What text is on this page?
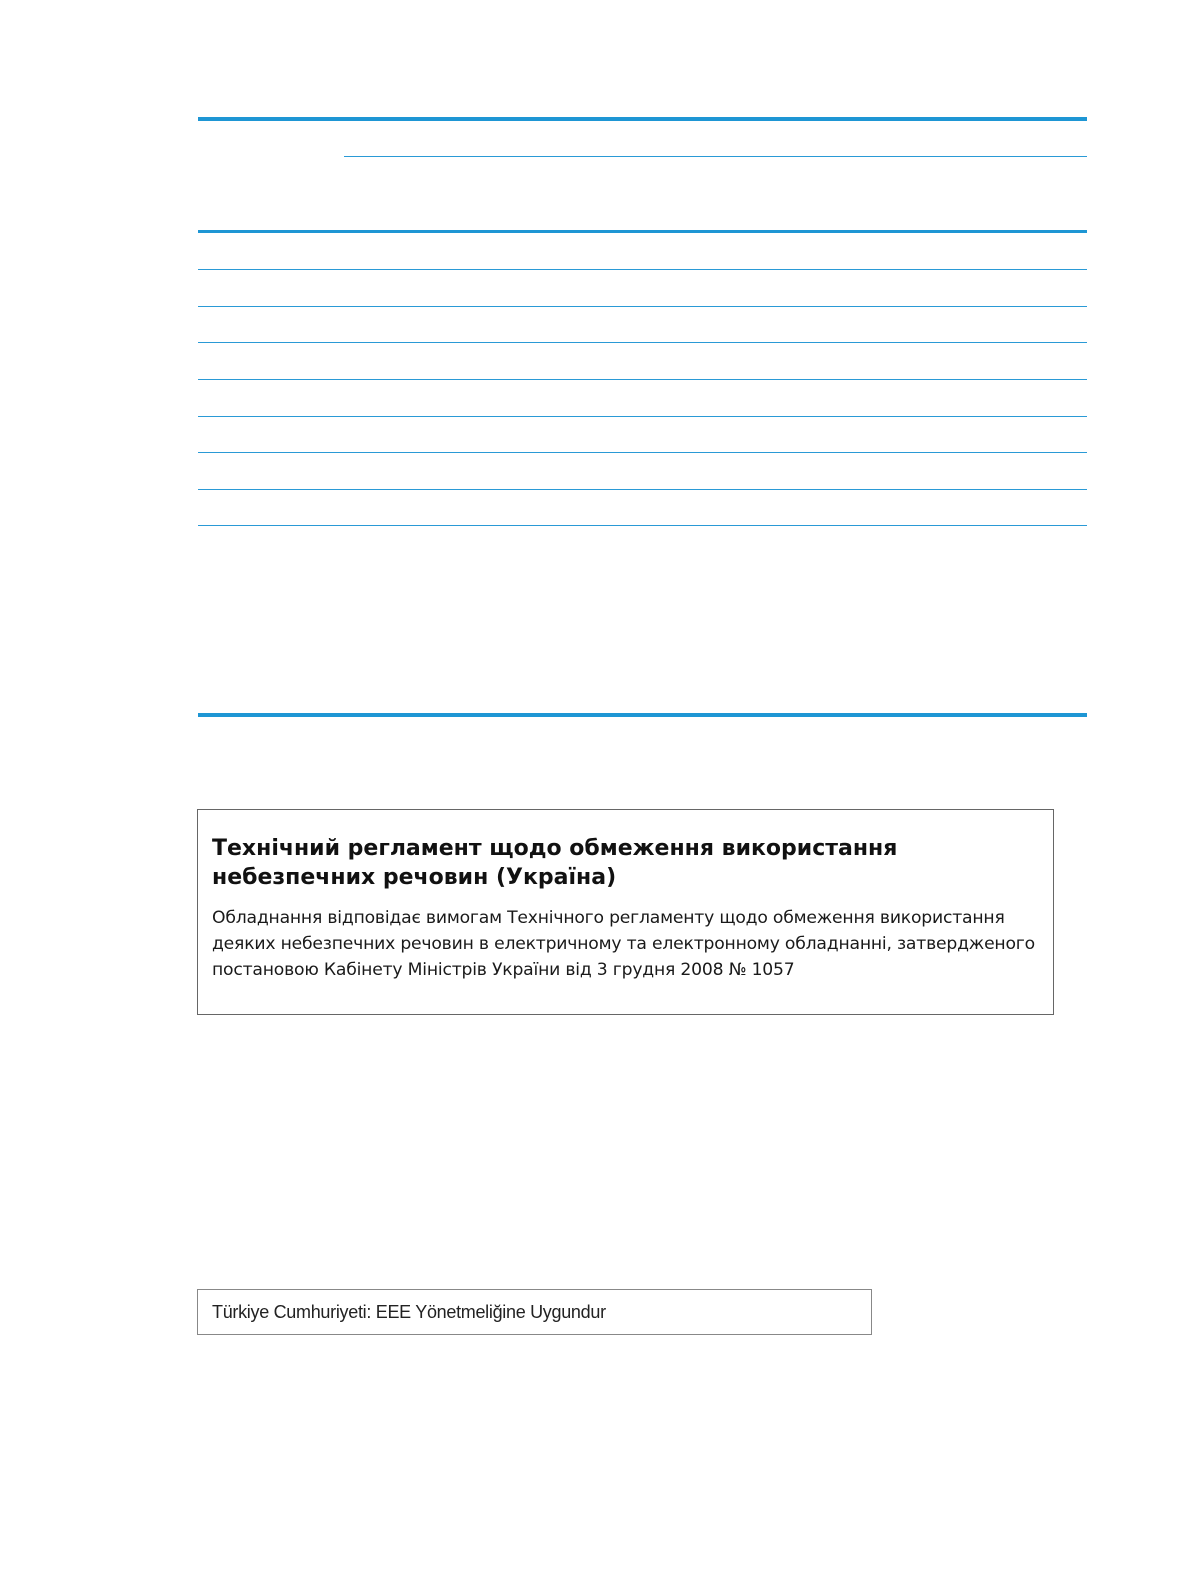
Технічний регламент щодо обмеження використання небезпечних речовин (Україна)

Обладнання відповідає вимогам Технічного регламенту щодо обмеження використання деяких небезпечних речовин в електричному та електронному обладнанні, затвердженого постановою Кабінету Міністрів України від 3 грудня 2008 № 1057

Türkiye Cumhuriyeti: EEE Yönetmeliğine Uygundur
